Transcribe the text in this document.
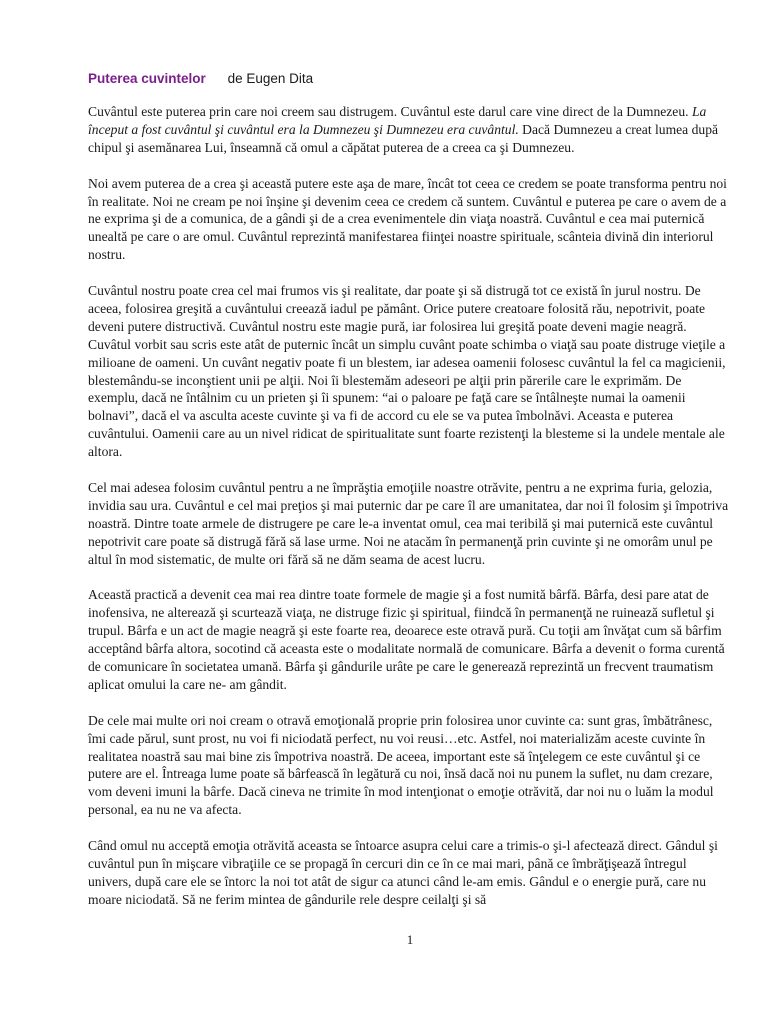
Puterea cuvintelor de Eugen Dita

Cuvântul este puterea prin care noi creem sau distrugem. Cuvântul este darul care vine direct de la Dumnezeu. La început a fost cuvântul şi cuvântul era la Dumnezeu şi Dumnezeu era cuvântul. Dacă Dumnezeu a creat lumea după chipul şi asemănarea Lui, înseamnă că omul a căpătat puterea de a creea ca şi Dumnezeu.

Noi avem puterea de a crea şi această putere este aşa de mare, încât tot ceea ce credem se poate transforma pentru noi în realitate. Noi ne cream pe noi înşine şi devenim ceea ce credem că suntem. Cuvântul e puterea pe care o avem de a ne exprima şi de a comunica, de a gândi şi de a crea evenimentele din viaţa noastră. Cuvântul e cea mai puternică unealtă pe care o are omul. Cuvântul reprezintă manifestarea fiinţei noastre spirituale, scânteia divină din interiorul nostru.

Cuvântul nostru poate crea cel mai frumos vis şi realitate, dar poate şi să distrugă tot ce există în jurul nostru. De aceea, folosirea greşită a cuvântului creează iadul pe pământ. Orice putere creatoare folosită rău, nepotrivit, poate deveni putere distructivă. Cuvântul nostru este magie pură, iar folosirea lui greşită poate deveni magie neagră. Cuvâtul vorbit sau scris este atât de puternic încât un simplu cuvânt poate schimba o viaţă sau poate distruge vieţile a milioane de oameni. Un cuvânt negativ poate fi un blestem, iar adesea oamenii folosesc cuvântul la fel ca magicienii, blestemându-se inconştient unii pe alţii. Noi îi blestemăm adeseori pe alţii prin părerile care le exprimăm. De exemplu, dacă ne întâlnim cu un prieten şi îi spunem: “ai o paloare pe faţă care se întâlneşte numai la oamenii bolnavi”, dacă el va asculta aceste cuvinte şi va fi de accord cu ele se va putea îmbolnăvi. Aceasta e puterea cuvântului. Oamenii care au un nivel ridicat de spiritualitate sunt foarte rezistenţi la blesteme si la undele mentale ale altora.

Cel mai adesea folosim cuvântul pentru a ne împrăştia emoţiile noastre otrăvite, pentru a ne exprima furia, gelozia, invidia sau ura. Cuvântul e cel mai preţios şi mai puternic dar pe care îl are umanitatea, dar noi îl folosim şi împotriva noastră. Dintre toate armele de distrugere pe care le-a inventat omul, cea mai teribilă şi mai puternică este cuvântul nepotrivit care poate să distrugă fără să lase urme. Noi ne atacăm în permanenţă prin cuvinte şi ne omorâm unul pe altul în mod sistematic, de multe ori fără să ne dăm seama de acest lucru.

Această practică a devenit cea mai rea dintre toate formele de magie şi a fost numită bârfă. Bârfa, desi pare atat de inofensiva, ne alterează şi scurtează viaţa, ne distruge fizic şi spiritual, fiindcă în permanenţă ne ruinează sufletul şi trupul. Bârfa e un act de magie neagră şi este foarte rea, deoarece este otravă pură. Cu toţii am învăţat cum să bârfim acceptând bârfa altora, socotind că aceasta este o modalitate normală de comunicare. Bârfa a devenit o forma curentă de comunicare în societatea umană. Bârfa şi gândurile urâte pe care le generează reprezintă un frecvent traumatism aplicat omului la care ne- am gândit.

De cele mai multe ori noi cream o otravă emoţională proprie prin folosirea unor cuvinte ca: sunt gras, îmbătrânesc, îmi cade părul, sunt prost, nu voi fi niciodată perfect, nu voi reusi…etc. Astfel, noi materializăm aceste cuvinte în realitatea noastră sau mai bine zis împotriva noastră. De aceea, important este să înţelegem ce este cuvântul şi ce putere are el. Întreaga lume poate să bârfească în legătură cu noi, însă dacă noi nu punem la suflet, nu dam crezare, vom deveni imuni la bârfe. Dacă cineva ne trimite în mod intenţionat o emoţie otrăvită, dar noi nu o luăm la modul personal, ea nu ne va afecta.

Când omul nu acceptă emoţia otrăvită aceasta se întoarce asupra celui care a trimis-o şi-l afectează direct. Gândul şi cuvântul pun în mişcare vibraţiile ce se propagă în cercuri din ce în ce mai mari, până ce îmbrăţişează întregul univers, după care ele se întorc la noi tot atât de sigur ca atunci când le-am emis. Gândul e o energie pură, care nu moare niciodată. Să ne ferim mintea de gândurile rele despre ceilalţi şi să

1
